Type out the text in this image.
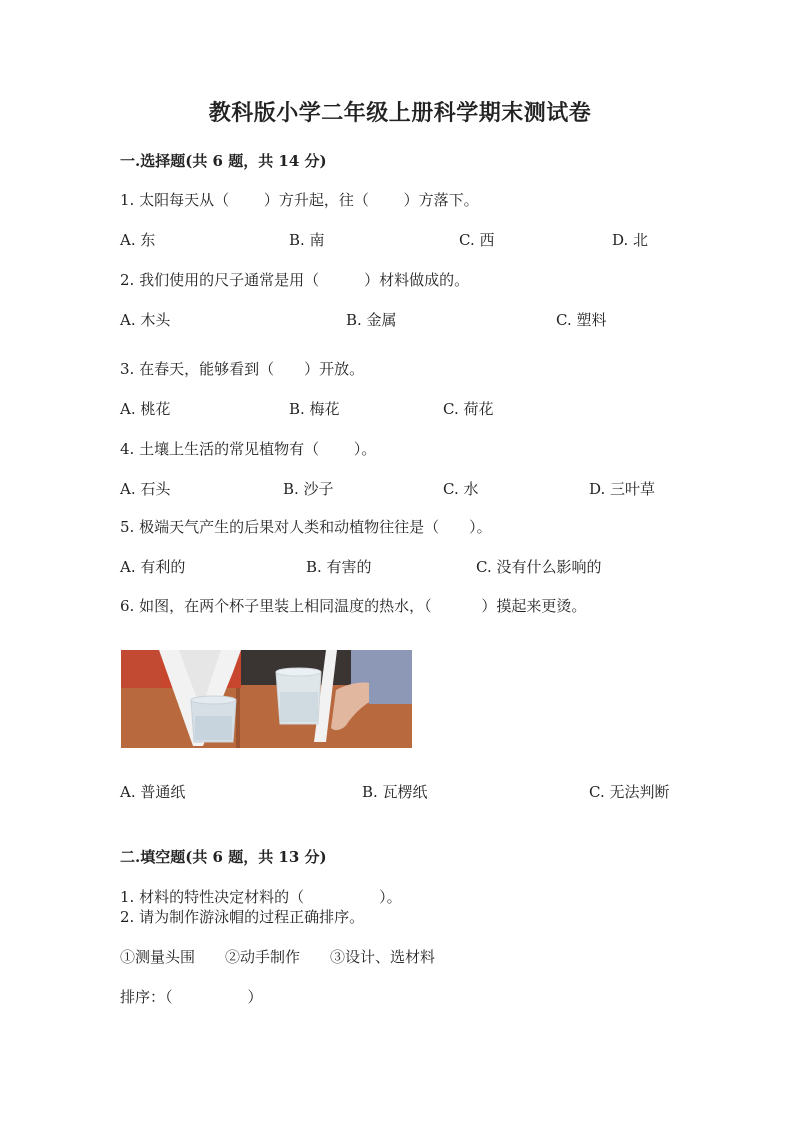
教科版小学二年级上册科学期末测试卷
一.选择题(共 6 题，共 14 分)
1. 太阳每天从（　　 ）方升起，往（　　 ）方落下。
A. 东	B. 南	C. 西	D. 北
2. 我们使用的尺子通常是用（　　　）材料做成的。
A. 木头	B. 金属	C. 塑料
3. 在春天，能够看到（　　）开放。
A. 桃花	B. 梅花	C. 荷花
4. 土壤上生活的常见植物有（　　 ）。
A. 石头	B. 沙子	C. 水	D. 三叶草
5. 极端天气产生的后果对人类和动植物往往是（　　）。
A. 有利的	B. 有害的	C. 没有什么影响的
6. 如图，在两个杯子里装上相同温度的热水，（　　　 ）摸起来更烫。
A. 普通纸	B. 瓦楞纸	C. 无法判断
二.填空题(共 6 题，共 13 分)
1. 材料的特性决定材料的（　　　　　）。
2. 请为制作游泳帽的过程正确排序。
①测量头围　　②动手制作　　③设计、选材料
排序：（　　　　　）
